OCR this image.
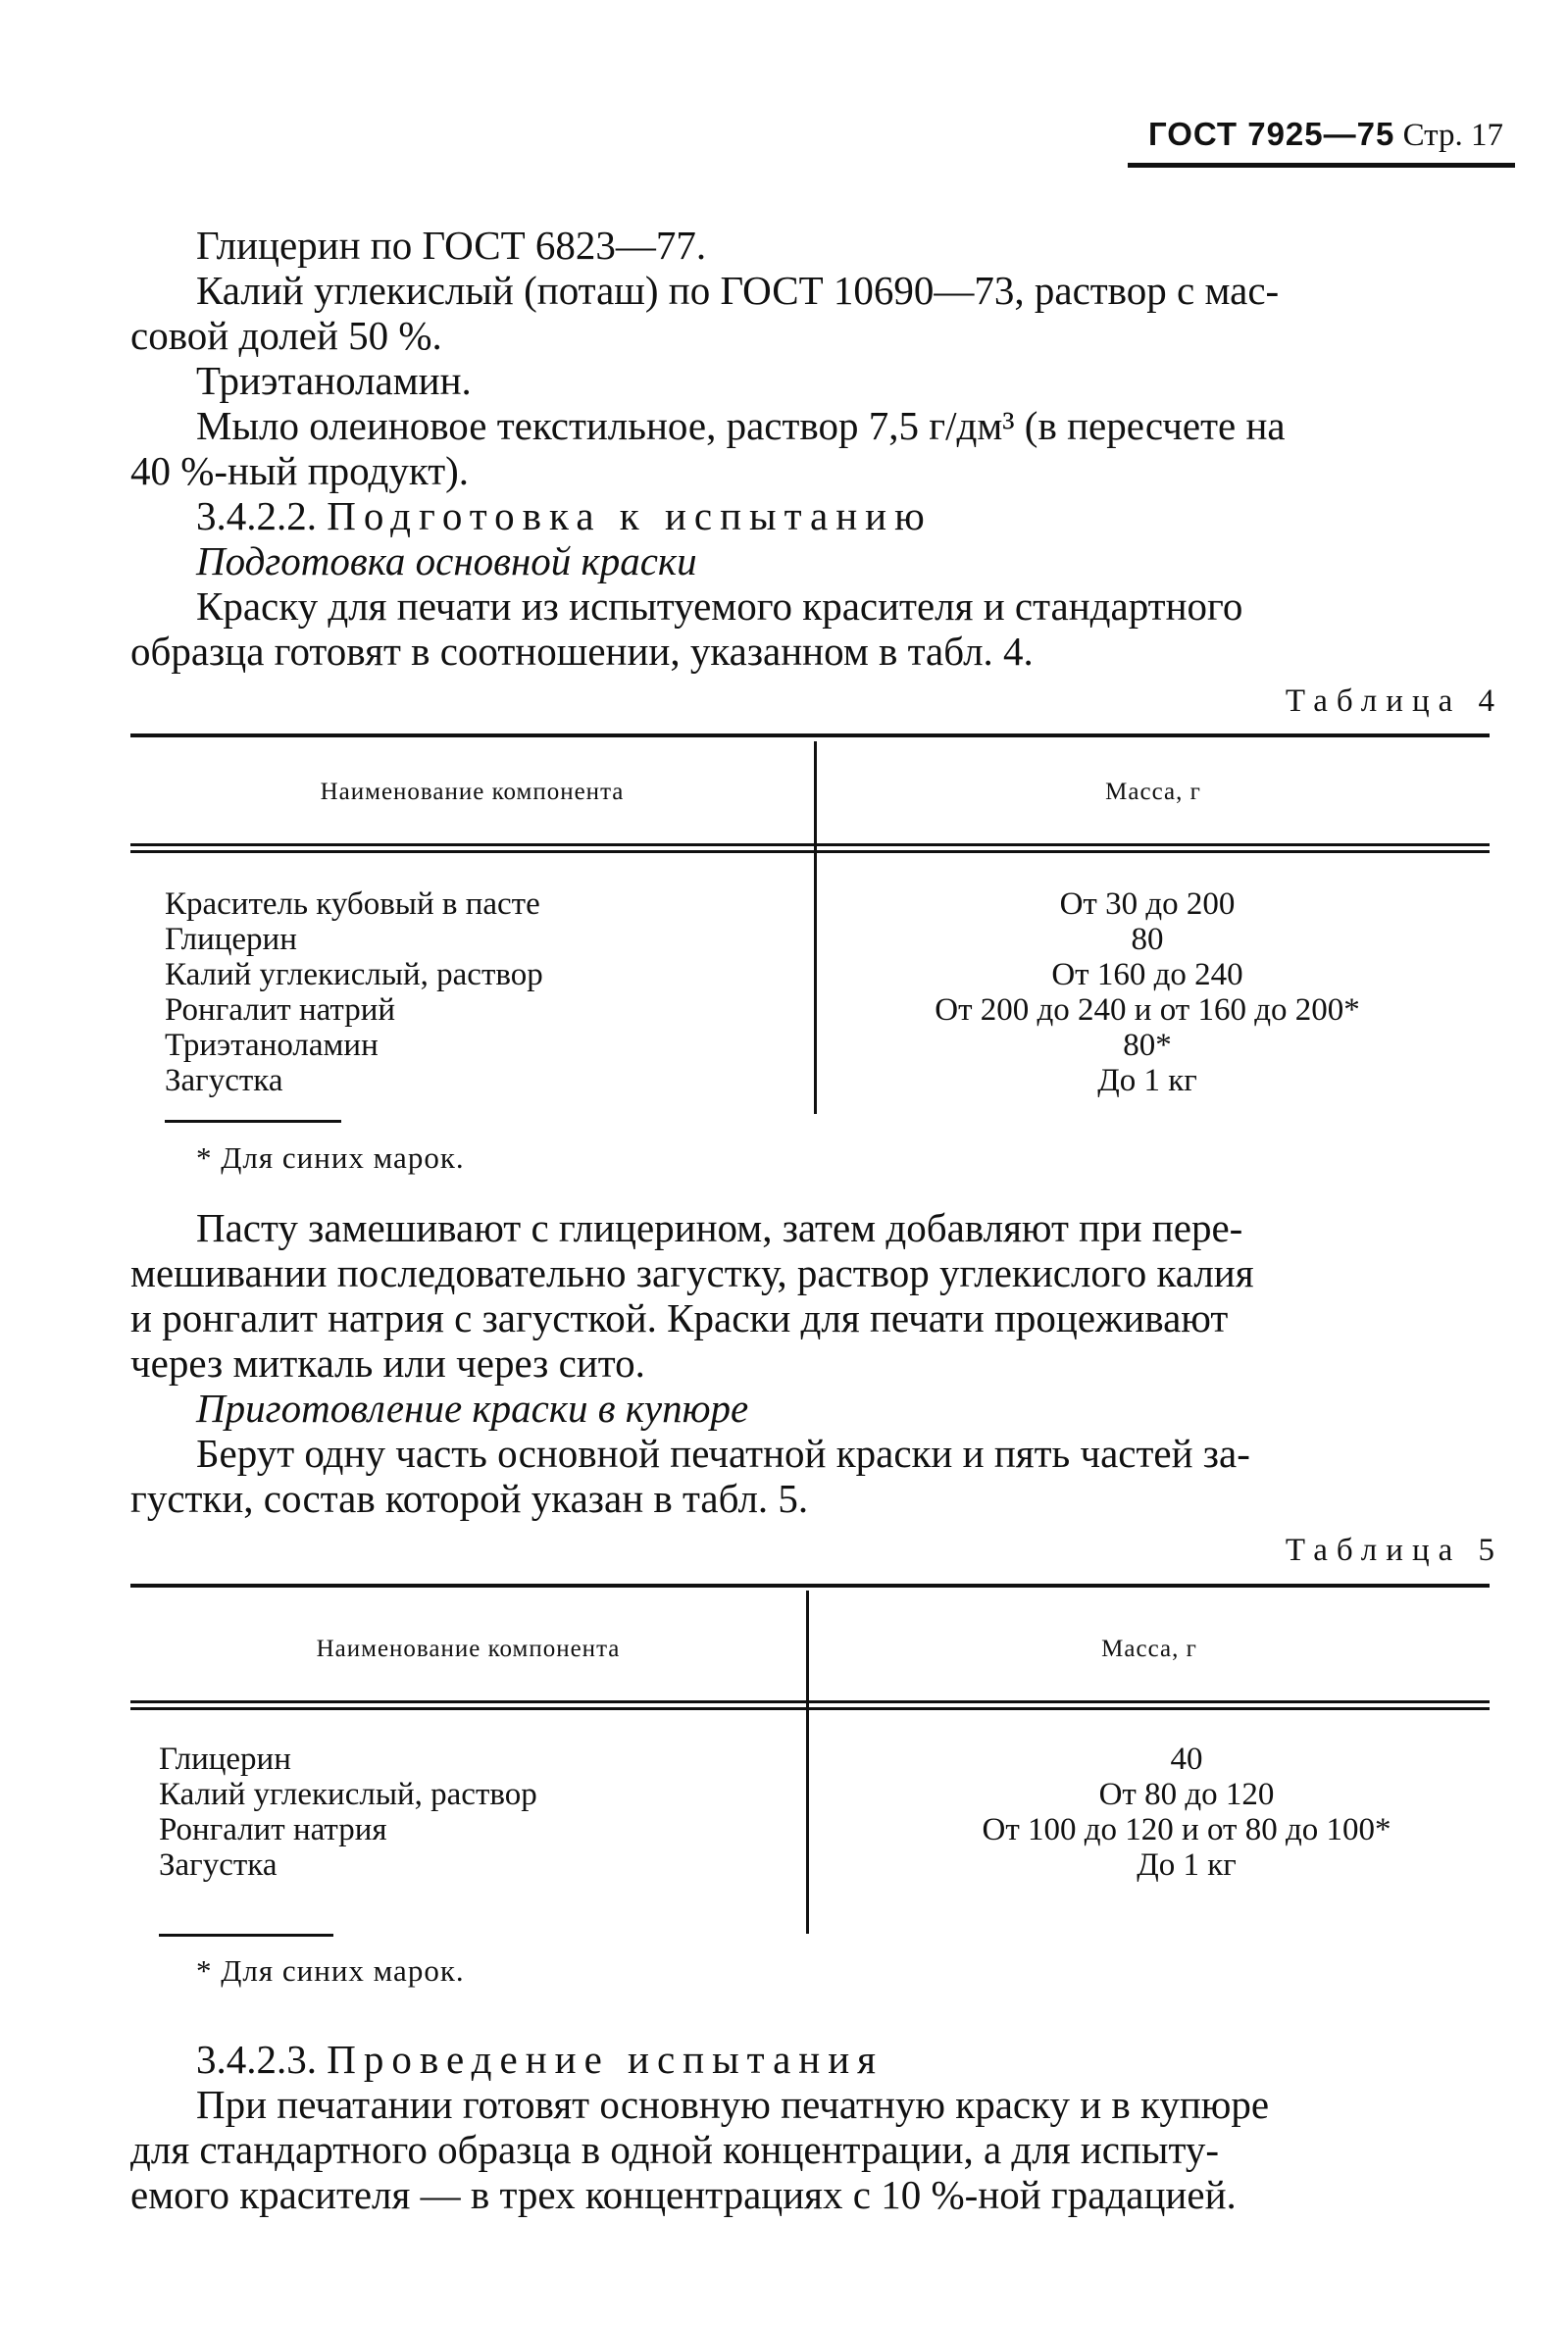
ГОСТ 7925—75 Стр. 17
Глицерин по ГОСТ 6823—77.
Калий углекислый (поташ) по ГОСТ 10690—73, раствор с мас-
совой долей 50 %.
Триэтаноламин.
Мыло олеиновое текстильное, раствор 7,5 г/дм³ (в пересчете на
40 %-ный продукт).
3.4.2.2. Подготовка к испытанию
Подготовка основной краски
Краску для печати из испытуемого красителя и стандартного
образца готовят в соотношении, указанном в табл. 4.
Таблица 4
Наименование компонента	Масса, г
Краситель кубовый в пасте
Глицерин
Калий углекислый, раствор
Ронгалит натрий
Триэтаноламин
Загустка
От 30 до 200
80
От 160 до 240
От 200 до 240 и от 160 до 200*
80*
До 1 кг
* Для синих марок.
Пасту замешивают с глицерином, затем добавляют при пере-
мешивании последовательно загустку, раствор углекислого калия
и ронгалит натрия с загусткой. Краски для печати процеживают
через миткаль или через сито.
Приготовление краски в купюре
Берут одну часть основной печатной краски и пять частей за-
густки, состав которой указан в табл. 5.
Таблица 5
Наименование компонента	Масса, г
Глицерин
Калий углекислый, раствор
Ронгалит натрия
Загустка
40
От 80 до 120
От 100 до 120 и от 80 до 100*
До 1 кг
* Для синих марок.
3.4.2.3. Проведение испытания
При печатании готовят основную печатную краску и в купюре
для стандартного образца в одной концентрации, а для испыту-
емого красителя — в трех концентрациях с 10 %-ной градацией.
